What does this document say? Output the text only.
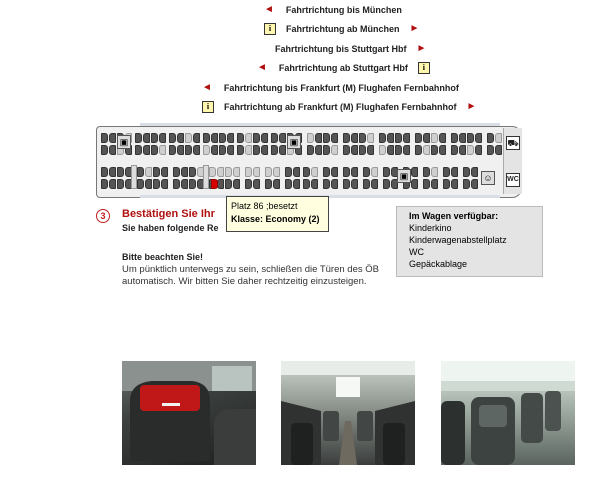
◄ Fahrtrichtung bis München
i	Fahrtrichtung ab München ►
Fahrtrichtung bis Stuttgart Hbf ►
◄ Fahrtrichtung ab Stuttgart Hbf	i
◄ Fahrtrichtung bis Frankfurt (M) Flughafen Fernbahnhof
i	Fahrtrichtung ab Frankfurt (M) Flughafen Fernbahnhof ►
▣	▣
▣	☺
⛟
WC
3	Bestätigen Sie Ihr
Sie haben folgende Re
Bitte beachten Sie!
Um pünktlich unterwegs zu sein, schließen die Türen des ÖB
automatisch. Wir bitten Sie daher rechtzeitig einzusteigen.
Platz 86 ;besetzt
Klasse: Economy (2)	Im Wagen verfügbar:
Kinderkino
Kinderwagenabstellplatz
WC
Gepäckablage
